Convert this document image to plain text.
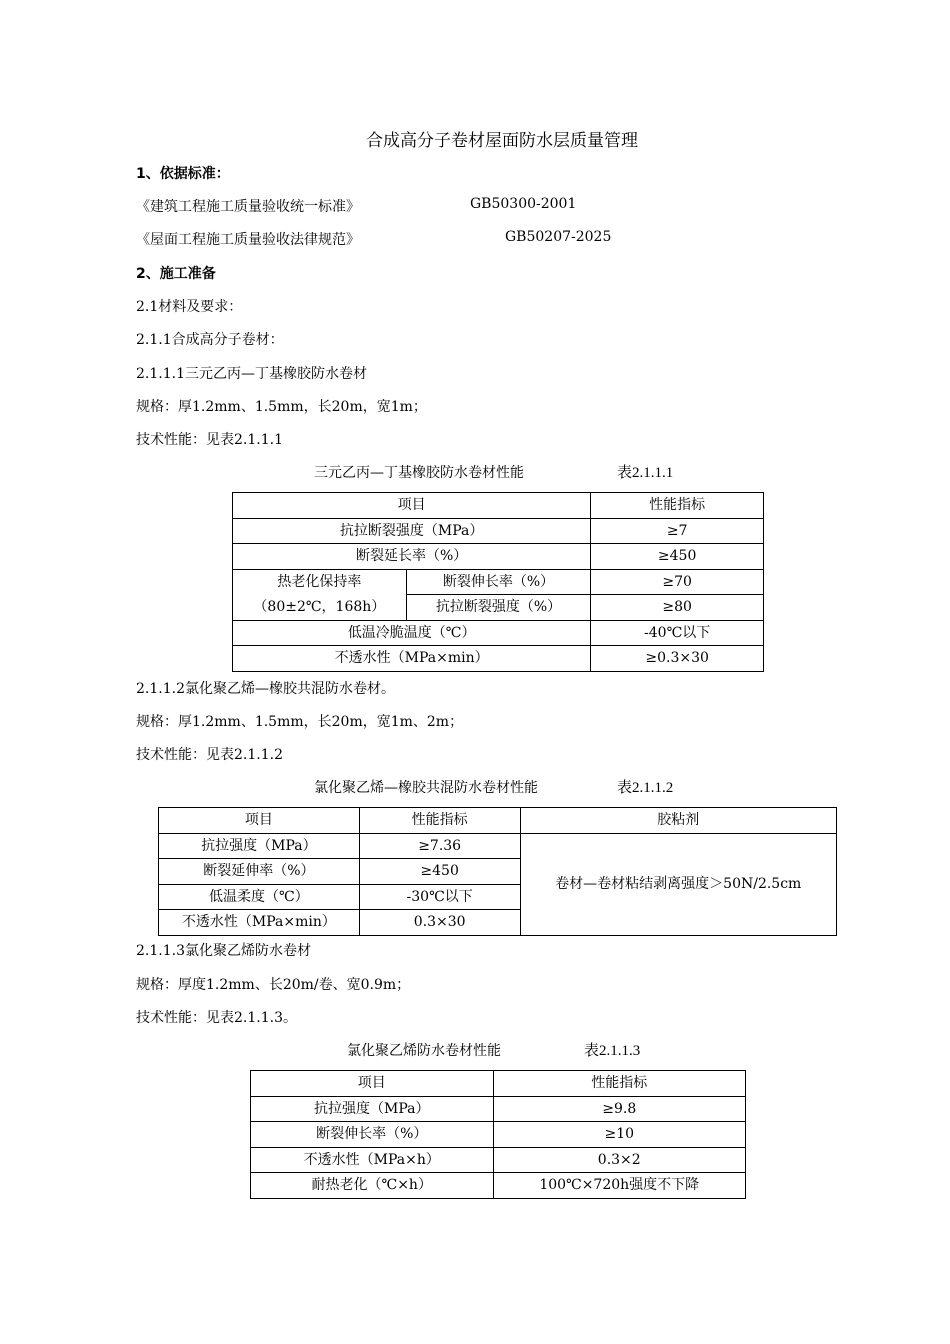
合成高分子卷材屋面防水层质量管理
1、依据标准：
《建筑工程施工质量验收统一标准》	GB50300-2001
《屋面工程施工质量验收法律规范》	GB50207-2025
2、施工准备
2.1材料及要求：
2.1.1合成高分子卷材：
2.1.1.1三元乙丙—丁基橡胶防水卷材
规格：厚1.2mm、1.5mm，长20m，宽1m；
技术性能：见表2.1.1.1
三元乙丙—丁基橡胶防水卷材性能	表2.1.1.1
项目		性能指标
抗拉断裂强度（MPa）		≥7
断裂延长率（%）		≥450

热老化保持率
（80±2℃，168h）	断裂伸长率（%）	≥70
	抗拉断裂强度（%）	≥80
低温冷脆温度（℃）		-40℃以下
不透水性（MPa×min）		≥0.3×30
2.1.1.2氯化聚乙烯—橡胶共混防水卷材。
规格：厚1.2mm、1.5mm，长20m，宽1m、2m；
技术性能：见表2.1.1.2
氯化聚乙烯—橡胶共混防水卷材性能	表2.1.1.2
项目	性能指标	胶粘剂
抗拉强度（MPa）	≥7.36	卷材—卷材粘结剥离强度＞50N/2.5cm
断裂延伸率（%）	≥450	
低温柔度（℃）	-30℃以下	
不透水性（MPa×min）	0.3×30	
2.1.1.3氯化聚乙烯防水卷材
规格：厚度1.2mm、长20m/卷、宽0.9m；
技术性能：见表2.1.1.3。
氯化聚乙烯防水卷材性能	表2.1.1.3
项目	性能指标
抗拉强度（MPa）	≥9.8
断裂伸长率（%）	≥10
不透水性（MPa×h）	0.3×2
耐热老化（℃×h）	100℃×720h强度不下降
